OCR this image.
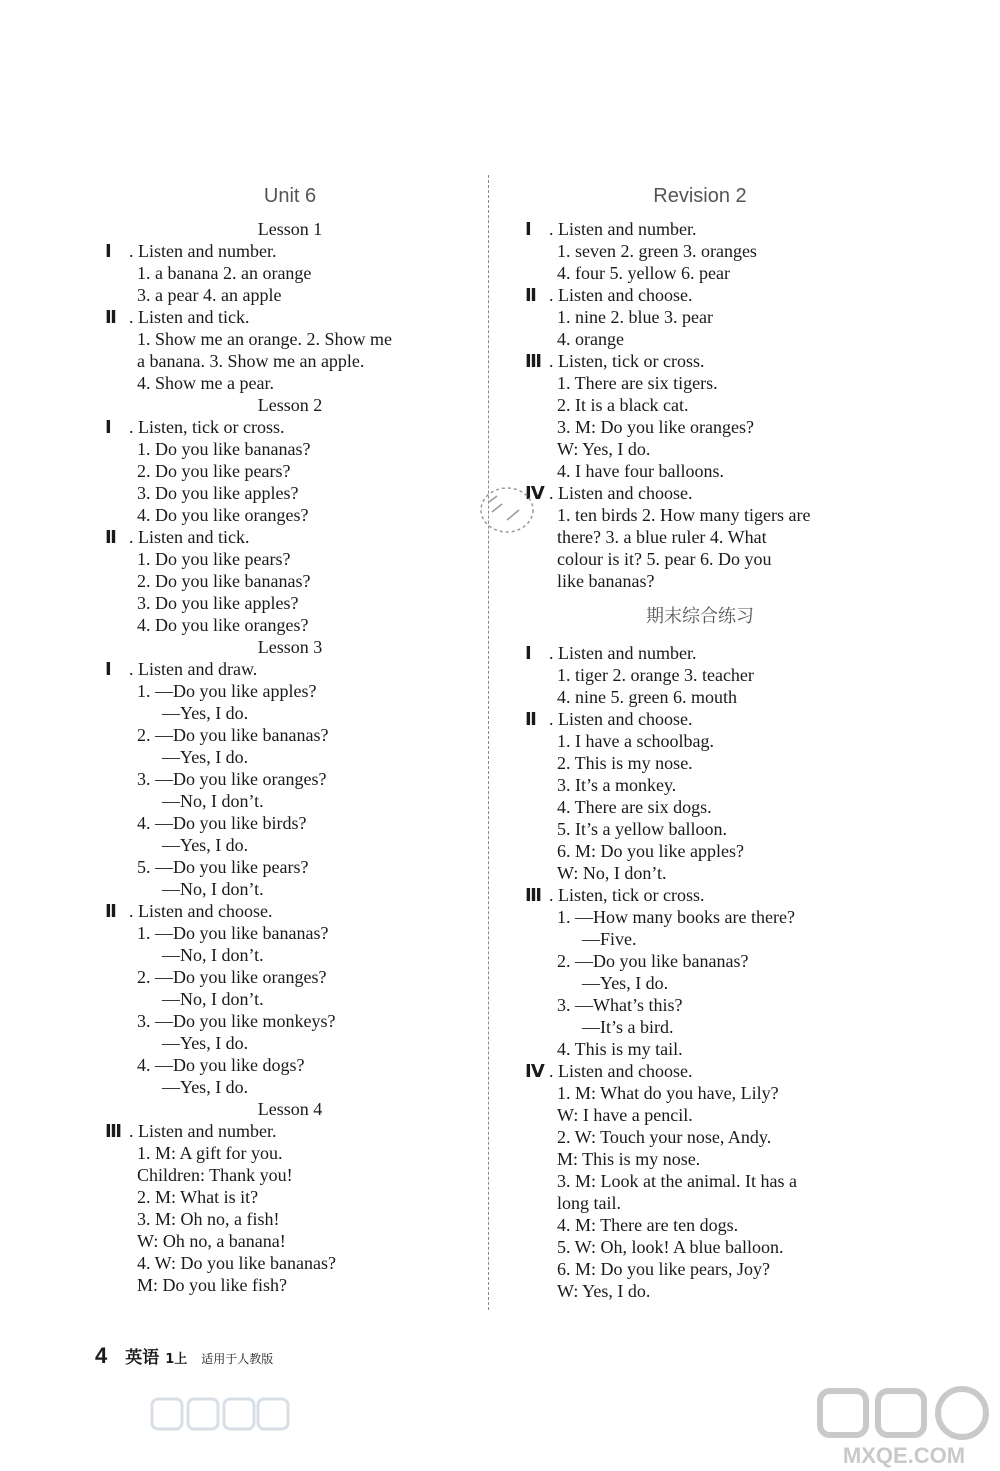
Unit 6
Lesson 1
Ⅰ . Listen and number.
1. a banana 2. an orange
3. a pear 4. an apple
Ⅱ . Listen and tick.
1. Show me an orange. 2. Show me
a banana. 3. Show me an apple.
4. Show me a pear.
Lesson 2
Ⅰ . Listen, tick or cross.
1. Do you like bananas?
2. Do you like pears?
3. Do you like apples?
4. Do you like oranges?
Ⅱ . Listen and tick.
1. Do you like pears?
2. Do you like bananas?
3. Do you like apples?
4. Do you like oranges?
Lesson 3
Ⅰ . Listen and draw.
1. —Do you like apples?
—Yes, I do.
2. —Do you like bananas?
—Yes, I do.
3. —Do you like oranges?
—No, I don’t.
4. —Do you like birds?
—Yes, I do.
5. —Do you like pears?
—No, I don’t.
Ⅱ . Listen and choose.
1. —Do you like bananas?
—No, I don’t.
2. —Do you like oranges?
—No, I don’t.
3. —Do you like monkeys?
—Yes, I do.
4. —Do you like dogs?
—Yes, I do.
Lesson 4
Ⅲ . Listen and number.
1. M: A gift for you.
Children: Thank you!
2. M: What is it?
3. M: Oh no, a fish!
W: Oh no, a banana!
4. W: Do you like bananas?
M: Do you like fish?
Revision 2
Ⅰ . Listen and number.
1. seven 2. green 3. oranges
4. four 5. yellow 6. pear
Ⅱ . Listen and choose.
1. nine 2. blue 3. pear
4. orange
Ⅲ . Listen, tick or cross.
1. There are six tigers.
2. It is a black cat.
3. M: Do you like oranges?
W: Yes, I do.
4. I have four balloons.
Ⅳ . Listen and choose.
1. ten birds 2. How many tigers are
there? 3. a blue ruler 4. What
colour is it? 5. pear 6. Do you
like bananas?
期末综合练习
Ⅰ . Listen and number.
1. tiger 2. orange 3. teacher
4. nine 5. green 6. mouth
Ⅱ . Listen and choose.
1. I have a schoolbag.
2. This is my nose.
3. It’s a monkey.
4. There are six dogs.
5. It’s a yellow balloon.
6. M: Do you like apples?
W: No, I don’t.
Ⅲ . Listen, tick or cross.
1. —How many books are there?
—Five.
2. —Do you like bananas?
—Yes, I do.
3. —What’s this?
—It’s a bird.
4. This is my tail.
Ⅳ . Listen and choose.
1. M: What do you have, Lily?
W: I have a pencil.
2. W: Touch your nose, Andy.
M: This is my nose.
3. M: Look at the animal. It has a
long tail.
4. M: There are ten dogs.
5. W: Oh, look! A blue balloon.
6. M: Do you like pears, Joy?
W: Yes, I do.
4 英语 1上 适用于人教版
MXQE.COM
